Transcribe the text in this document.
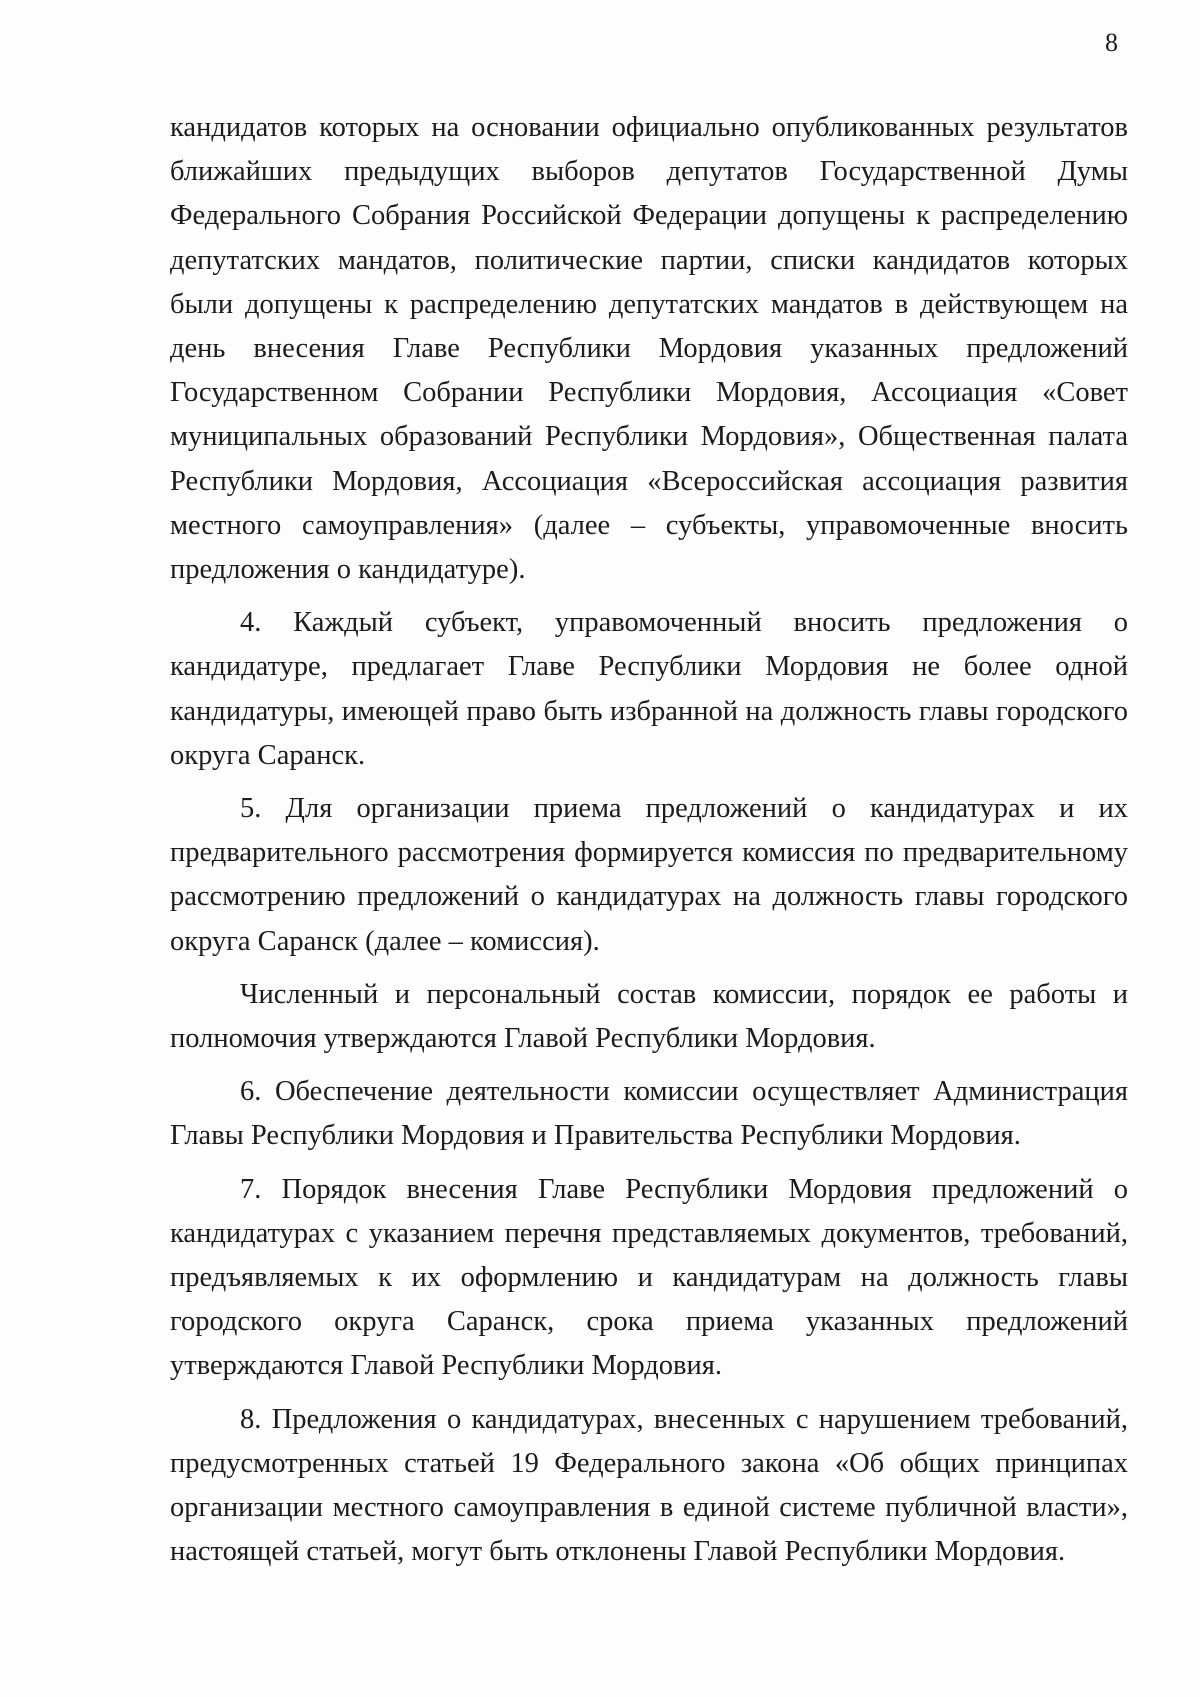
8

кандидатов которых на основании официально опубликованных результатов ближайших предыдущих выборов депутатов Государственной Думы Федерального Собрания Российской Федерации допущены к распределению депутатских мандатов, политические партии, списки кандидатов которых были допущены к распределению депутатских мандатов в действующем на день внесения Главе Республики Мордовия указанных предложений Государственном Собрании Республики Мордовия, Ассоциация «Совет муниципальных образований Республики Мордовия», Общественная палата Республики Мордовия, Ассоциация «Всероссийская ассоциация развития местного самоуправления» (далее – субъекты, управомоченные вносить предложения о кандидатуре).

4. Каждый субъект, управомоченный вносить предложения о кандидатуре, предлагает Главе Республики Мордовия не более одной кандидатуры, имеющей право быть избранной на должность главы городского округа Саранск.

5. Для организации приема предложений о кандидатурах и их предварительного рассмотрения формируется комиссия по предварительному рассмотрению предложений о кандидатурах на должность главы городского округа Саранск (далее – комиссия).

Численный и персональный состав комиссии, порядок ее работы и полномочия утверждаются Главой Республики Мордовия.

6. Обеспечение деятельности комиссии осуществляет Администрация Главы Республики Мордовия и Правительства Республики Мордовия.

7. Порядок внесения Главе Республики Мордовия предложений о кандидатурах с указанием перечня представляемых документов, требований, предъявляемых к их оформлению и кандидатурам на должность главы городского округа Саранск, срока приема указанных предложений утверждаются Главой Республики Мордовия.

8. Предложения о кандидатурах, внесенных с нарушением требований, предусмотренных статьей 19 Федерального закона «Об общих принципах организации местного самоуправления в единой системе публичной власти», настоящей статьей, могут быть отклонены Главой Республики Мордовия.
